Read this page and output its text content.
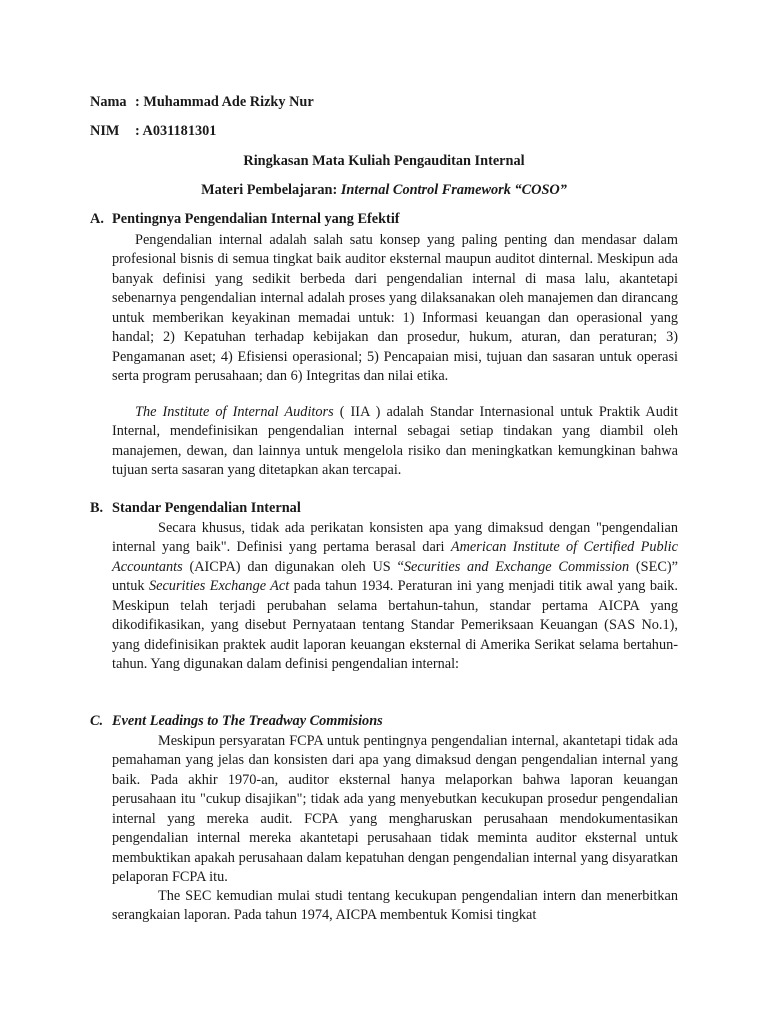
Nama : Muhammad Ade Rizky Nur
NIM : A031181301
Ringkasan Mata Kuliah Pengauditan Internal
Materi Pembelajaran: Internal Control Framework “COSO”
A. Pentingnya Pengendalian Internal yang Efektif

Pengendalian internal adalah salah satu konsep yang paling penting dan mendasar dalam profesional bisnis di semua tingkat baik auditor eksternal maupun auditot dinternal. Meskipun ada banyak definisi yang sedikit berbeda dari pengendalian internal di masa lalu, akantetapi sebenarnya pengendalian internal adalah proses yang dilaksanakan oleh manajemen dan dirancang untuk memberikan keyakinan memadai untuk: 1) Informasi keuangan dan operasional yang handal; 2) Kepatuhan terhadap kebijakan dan prosedur, hukum, aturan, dan peraturan; 3) Pengamanan aset; 4) Efisiensi operasional; 5) Pencapaian misi, tujuan dan sasaran untuk operasi serta program perusahaan; dan 6) Integritas dan nilai etika.

The Institute of Internal Auditors ( IIA ) adalah Standar Internasional untuk Praktik Audit Internal, mendefinisikan pengendalian internal sebagai setiap tindakan yang diambil oleh manajemen, dewan, dan lainnya untuk mengelola risiko dan meningkatkan kemungkinan bahwa tujuan serta sasaran yang ditetapkan akan tercapai.

B. Standar Pengendalian Internal

Secara khusus, tidak ada perikatan konsisten apa yang dimaksud dengan "pengendalian internal yang baik". Definisi yang pertama berasal dari American Institute of Certified Public Accountants (AICPA) dan digunakan oleh US “Securities and Exchange Commission (SEC)” untuk Securities Exchange Act pada tahun 1934. Peraturan ini yang menjadi titik awal yang baik. Meskipun telah terjadi perubahan selama bertahun-tahun, standar pertama AICPA yang dikodifikasikan, yang disebut Pernyataan tentang Standar Pemeriksaan Keuangan (SAS No.1), yang didefinisikan praktek audit laporan keuangan eksternal di Amerika Serikat selama bertahun-tahun. Yang digunakan dalam definisi pengendalian internal:

C. Event Leadings to The Treadway Commisions

Meskipun persyaratan FCPA untuk pentingnya pengendalian internal, akantetapi tidak ada pemahaman yang jelas dan konsisten dari apa yang dimaksud dengan pengendalian internal yang baik. Pada akhir 1970-an, auditor eksternal hanya melaporkan bahwa laporan keuangan perusahaan itu "cukup disajikan"; tidak ada yang menyebutkan kecukupan prosedur pengendalian internal yang mereka audit. FCPA yang mengharuskan perusahaan mendokumentasikan pengendalian internal mereka akantetapi perusahaan tidak meminta auditor eksternal untuk membuktikan apakah perusahaan dalam kepatuhan dengan pengendalian internal yang disyaratkan pelaporan FCPA itu.

The SEC kemudian mulai studi tentang kecukupan pengendalian intern dan menerbitkan serangkaian laporan. Pada tahun 1974, AICPA membentuk Komisi tingkat
